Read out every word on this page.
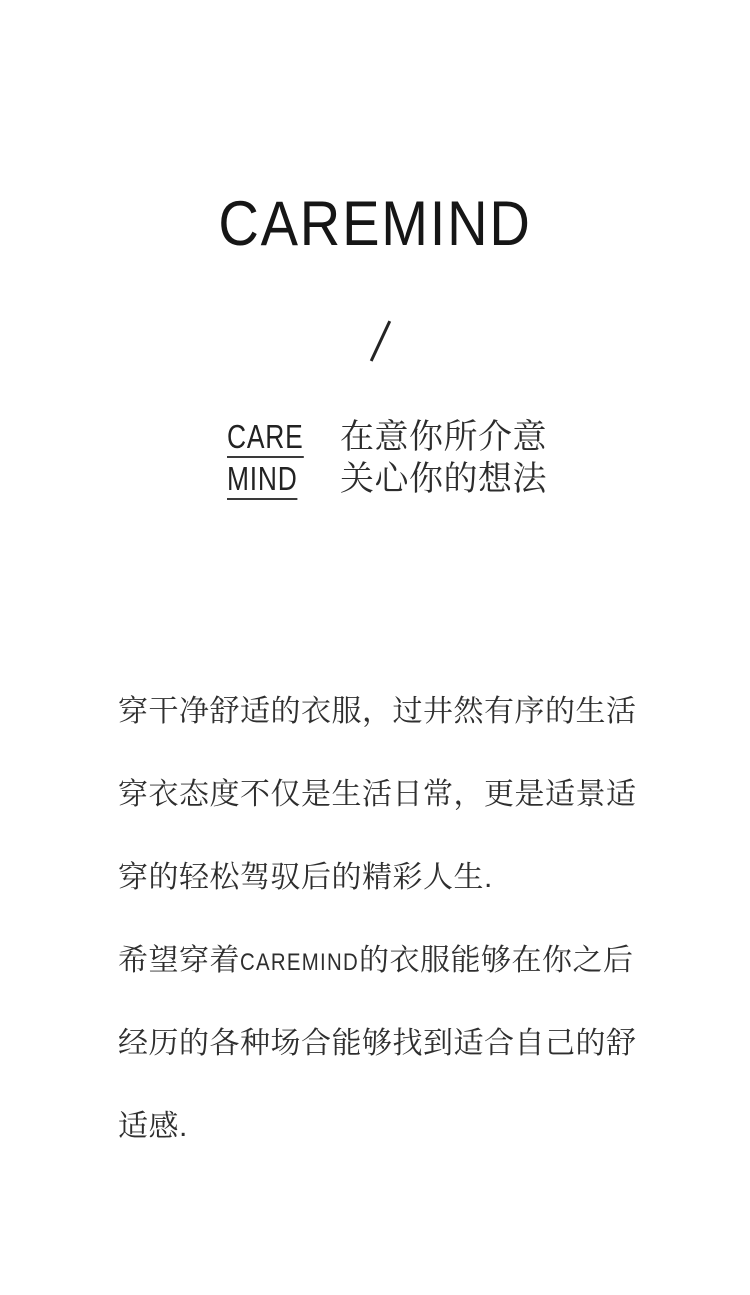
CAREMIND
CARE 在意你所介意
MIND 关心你的想法
穿干净舒适的衣服，过井然有序的生活
穿衣态度不仅是生活日常，更是适景适
穿的轻松驾驭后的精彩人生.
希望穿着CAREMIND的衣服能够在你之后
经历的各种场合能够找到适合自己的舒
适感.
